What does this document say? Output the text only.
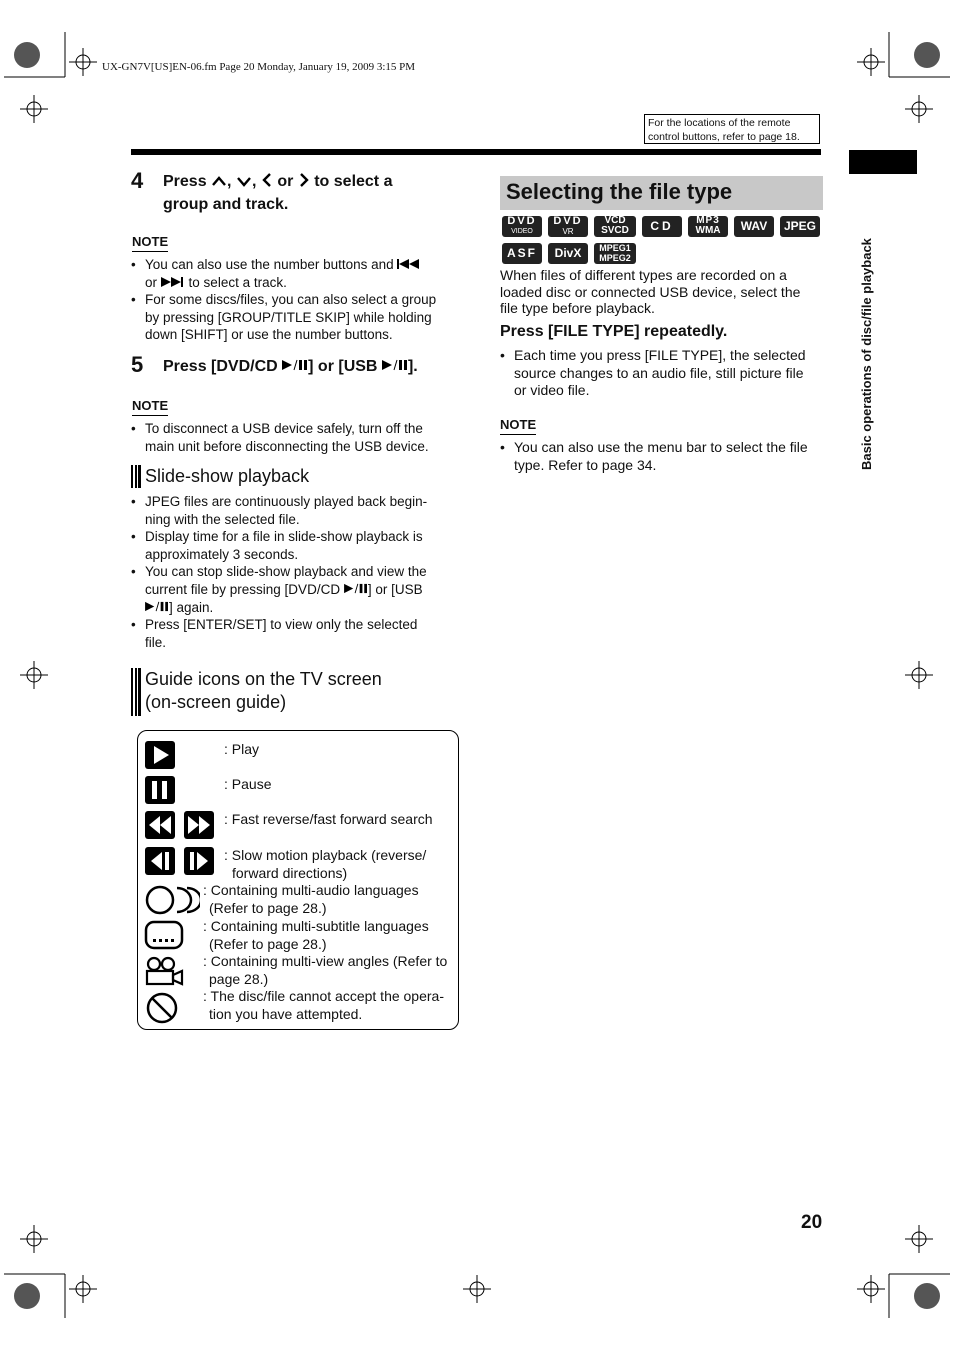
UX-GN7V[US]EN-06.fm Page 20 Monday, January 19, 2009 3:15 PM
For the locations of the remote
control buttons, refer to page 18.
Basic operations of disc/file playback
4 Press , , or to select a
group and track.
NOTE
• You can also use the number buttons and
or to select a track.
• For some discs/files, you can also select a group
by pressing [GROUP/TITLE SKIP] while holding
down [SHIFT] or use the number buttons.
5 Press [DVD/CD ] or [USB ].
NOTE
• To disconnect a USB device safely, turn off the
main unit before disconnecting the USB device.
Slide-show playback
• JPEG files are continuously played back begin-
ning with the selected file.
• Display time for a file in slide-show playback is
approximately 3 seconds.
• You can stop slide-show playback and view the
current file by pressing [DVD/CD ] or [USB
] again.
• Press [ENTER/SET] to view only the selected
file.
Guide icons on the TV screen
(on-screen guide)
: Play
: Pause
: Fast reverse/fast forward search
: Slow motion playback (reverse/
forward directions)
: Containing multi-audio languages
(Refer to page 28.)
: Containing multi-subtitle languages
(Refer to page 28.)
: Containing multi-view angles (Refer to
page 28.)
: The disc/file cannot accept the opera-
tion you have attempted.
Selecting the file type
DVD
VIDEO
DVD
VR
VCD
SVCD	CD	MP3
WMA	WAV	JPEG
ASF	DivX	MPEG1
MPEG2
When files of different types are recorded on a
loaded disc or connected USB device, select the
file type before playback.
Press [FILE TYPE] repeatedly.
• Each time you press [FILE TYPE], the selected
source changes to an audio file, still picture file
or video file.
NOTE
• You can also use the menu bar to select the file
type. Refer to page 34.
20
